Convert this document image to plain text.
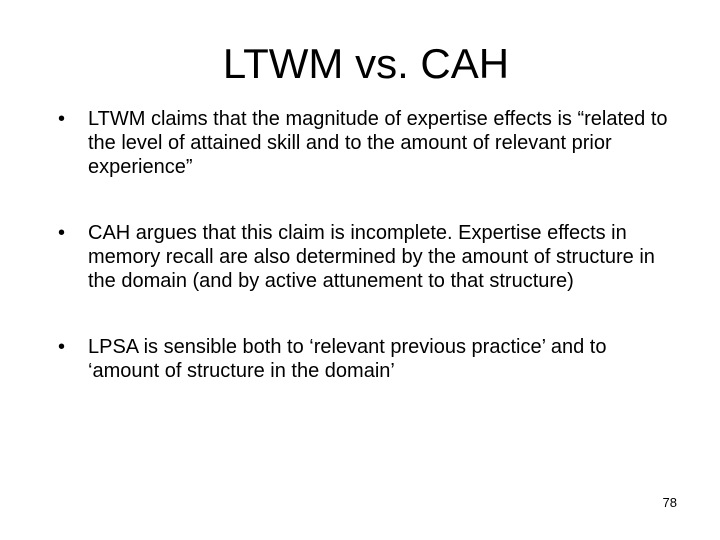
LTWM vs. CAH
•	LTWM claims that the magnitude of expertise effects is “related to the level of attained skill and to the amount of relevant prior experience”
•	CAH argues that this claim is incomplete. Expertise effects in memory recall are also determined by the amount of structure in the domain (and by active attunement to that structure)
•	LPSA is sensible both to ‘relevant previous practice’ and to ‘amount of structure in the domain’
78
